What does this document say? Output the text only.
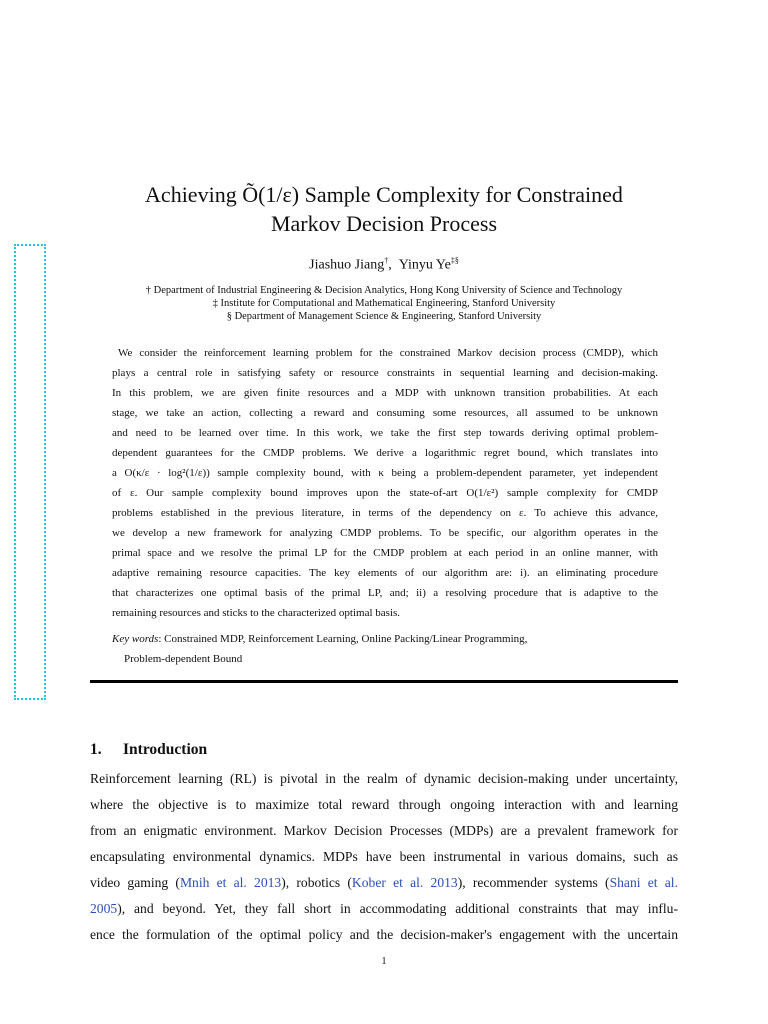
Achieving Õ(1/ε) Sample Complexity for Constrained
Markov Decision Process
Jiashuo Jiang†, Yinyu Ye‡§
† Department of Industrial Engineering & Decision Analytics, Hong Kong University of Science and Technology
‡ Institute for Computational and Mathematical Engineering, Stanford University
§ Department of Management Science & Engineering, Stanford University
We consider the reinforcement learning problem for the constrained Markov decision process (CMDP), which
plays a central role in satisfying safety or resource constraints in sequential learning and decision-making.
In this problem, we are given finite resources and a MDP with unknown transition probabilities. At each
stage, we take an action, collecting a reward and consuming some resources, all assumed to be unknown
and need to be learned over time. In this work, we take the first step towards deriving optimal problem-
dependent guarantees for the CMDP problems. We derive a logarithmic regret bound, which translates into
a O(κ/ε · log²(1/ε)) sample complexity bound, with κ being a problem-dependent parameter, yet independent
of ε. Our sample complexity bound improves upon the state-of-art O(1/ε²) sample complexity for CMDP
problems established in the previous literature, in terms of the dependency on ε. To achieve this advance,
we develop a new framework for analyzing CMDP problems. To be specific, our algorithm operates in the
primal space and we resolve the primal LP for the CMDP problem at each period in an online manner, with
adaptive remaining resource capacities. The key elements of our algorithm are: i). an eliminating procedure
that characterizes one optimal basis of the primal LP, and; ii) a resolving procedure that is adaptive to the
remaining resources and sticks to the characterized optimal basis.
Key words: Constrained MDP, Reinforcement Learning, Online Packing/Linear Programming,
Problem-dependent Bound
1. Introduction
Reinforcement learning (RL) is pivotal in the realm of dynamic decision-making under uncertainty,
where the objective is to maximize total reward through ongoing interaction with and learning
from an enigmatic environment. Markov Decision Processes (MDPs) are a prevalent framework for
encapsulating environmental dynamics. MDPs have been instrumental in various domains, such as
video gaming (Mnih et al. 2013), robotics (Kober et al. 2013), recommender systems (Shani et al.
2005), and beyond. Yet, they fall short in accommodating additional constraints that may influ-
ence the formulation of the optimal policy and the decision-maker's engagement with the uncertain
1
